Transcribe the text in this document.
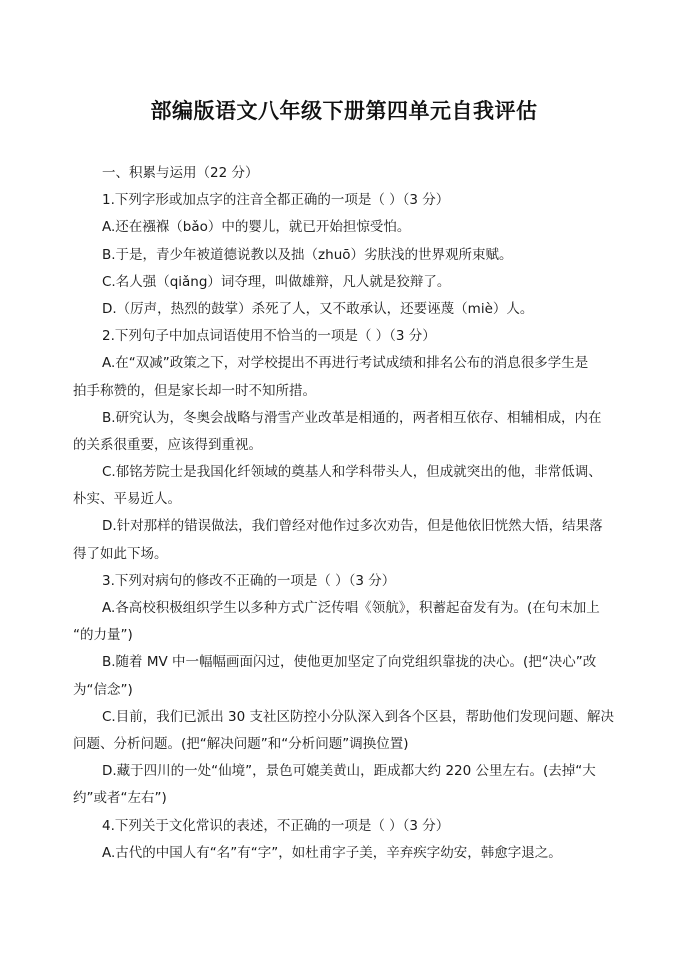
部编版语文八年级下册第四单元自我评估
一、积累与运用（22 分）
1.下列字形或加点字的注音全都正确的一项是（ ）（3 分）
A.还在襁褓（bǎo）中的婴儿，就已开始担惊受怕。
B.于是，青少年被道德说教以及拙（zhuō）劣肤浅的世界观所束赋。
C.名人强（qiǎng）词夺理，叫做雄辩，凡人就是狡辩了。
D.（厉声，热烈的鼓掌）杀死了人，又不敢承认，还要诬蔑（miè）人。
2.下列句子中加点词语使用不恰当的一项是（ ）（3 分）
A.在“双减”政策之下，对学校提出不再进行考试成绩和排名公布的消息很多学生是
拍手称赞的，但是家长却一时不知所措。
B.研究认为，冬奥会战略与滑雪产业改革是相通的，两者相互依存、相辅相成，内在
的关系很重要，应该得到重视。
C.郁铭芳院士是我国化纤领域的奠基人和学科带头人，但成就突出的他，非常低调、
朴实、平易近人。
D.针对那样的错误做法，我们曾经对他作过多次劝告，但是他依旧恍然大悟，结果落
得了如此下场。
3.下列对病句的修改不正确的一项是（ ）（3 分）
A.各高校积极组织学生以多种方式广泛传唱《领航》，积蓄起奋发有为。(在句末加上
“的力量”)
B.随着 MV 中一幅幅画面闪过，使他更加坚定了向党组织靠拢的决心。(把“决心”改
为“信念”)
C.目前，我们已派出 30 支社区防控小分队深入到各个区县，帮助他们发现问题、解决
问题、分析问题。(把“解决问题”和“分析问题”调换位置)
D.藏于四川的一处“仙境”，景色可媲美黄山，距成都大约 220 公里左右。(去掉“大
约”或者“左右”)
4.下列关于文化常识的表述，不正确的一项是（ ）（3 分）
A.古代的中国人有“名”有“字”，如杜甫字子美，辛弃疾字幼安，韩愈字退之。
